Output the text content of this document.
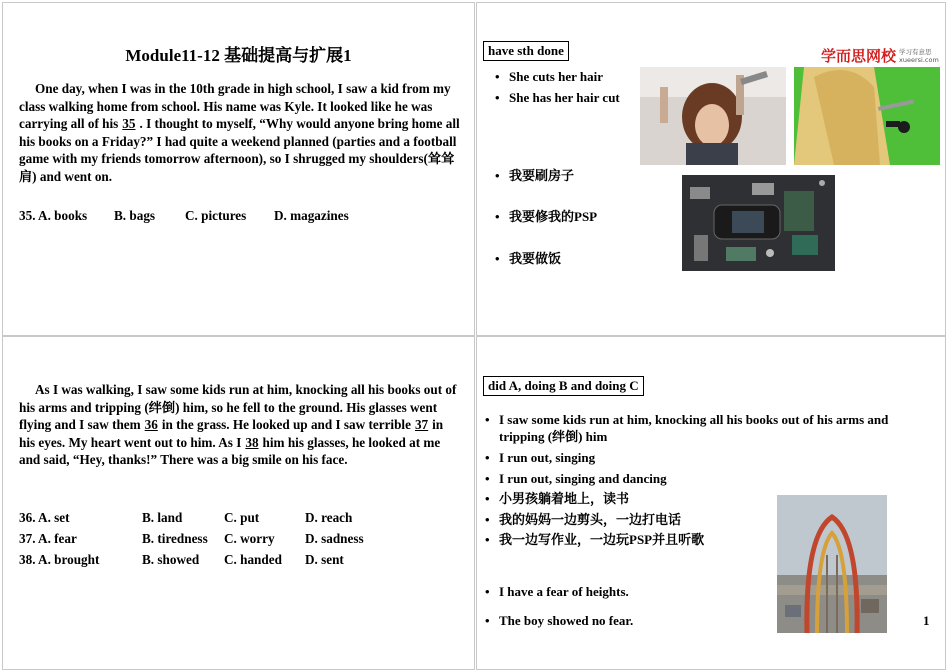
Module11-12 基础提高与扩展1

One day, when I was in the 10th grade in high school, I saw a kid from my class walking home from school. His name was Kyle. It looked like he was carrying all of his 35 . I thought to myself, “Why would anyone bring home all his books on a Friday?” I had quite a weekend planned (parties and a football game with my friends tomorrow afternoon), so I shrugged my shoulders(耸耸肩) and went on.

35. A. books	B. bags	C. pictures	D. magazines
have sth done
• She cuts her hair
• She has her hair cut
• 我要刷房子
• 我要修我的PSP
• 我要做饭
学而思网校 学习有意思
xueersi.com

As I was walking, I saw some kids run at him, knocking all his books out of his arms and tripping (绊倒) him, so he fell to the ground. His glasses went flying and I saw them 36 in the grass. He looked up and I saw terrible 37 in his eyes. My heart went out to him. As I 38 him his glasses, he looked at me and said, “Hey, thanks!” There was a big smile on his face.

36. A. set	B. land	C. put	D. reach
37. A. fear	B. tiredness	C. worry	D. sadness
38. A. brought	B. showed	C. handed	D. sent
did A, doing B and doing C
• I saw some kids run at him, knocking all his books out of his arms and tripping (绊倒) him
• I run out, singing
• I run out, singing and dancing
• 小男孩躺着地上，读书
• 我的妈妈一边剪头，一边打电话
• 我一边写作业，一边玩PSP并且听歌
• I have a fear of heights.
• The boy showed no fear.	1
